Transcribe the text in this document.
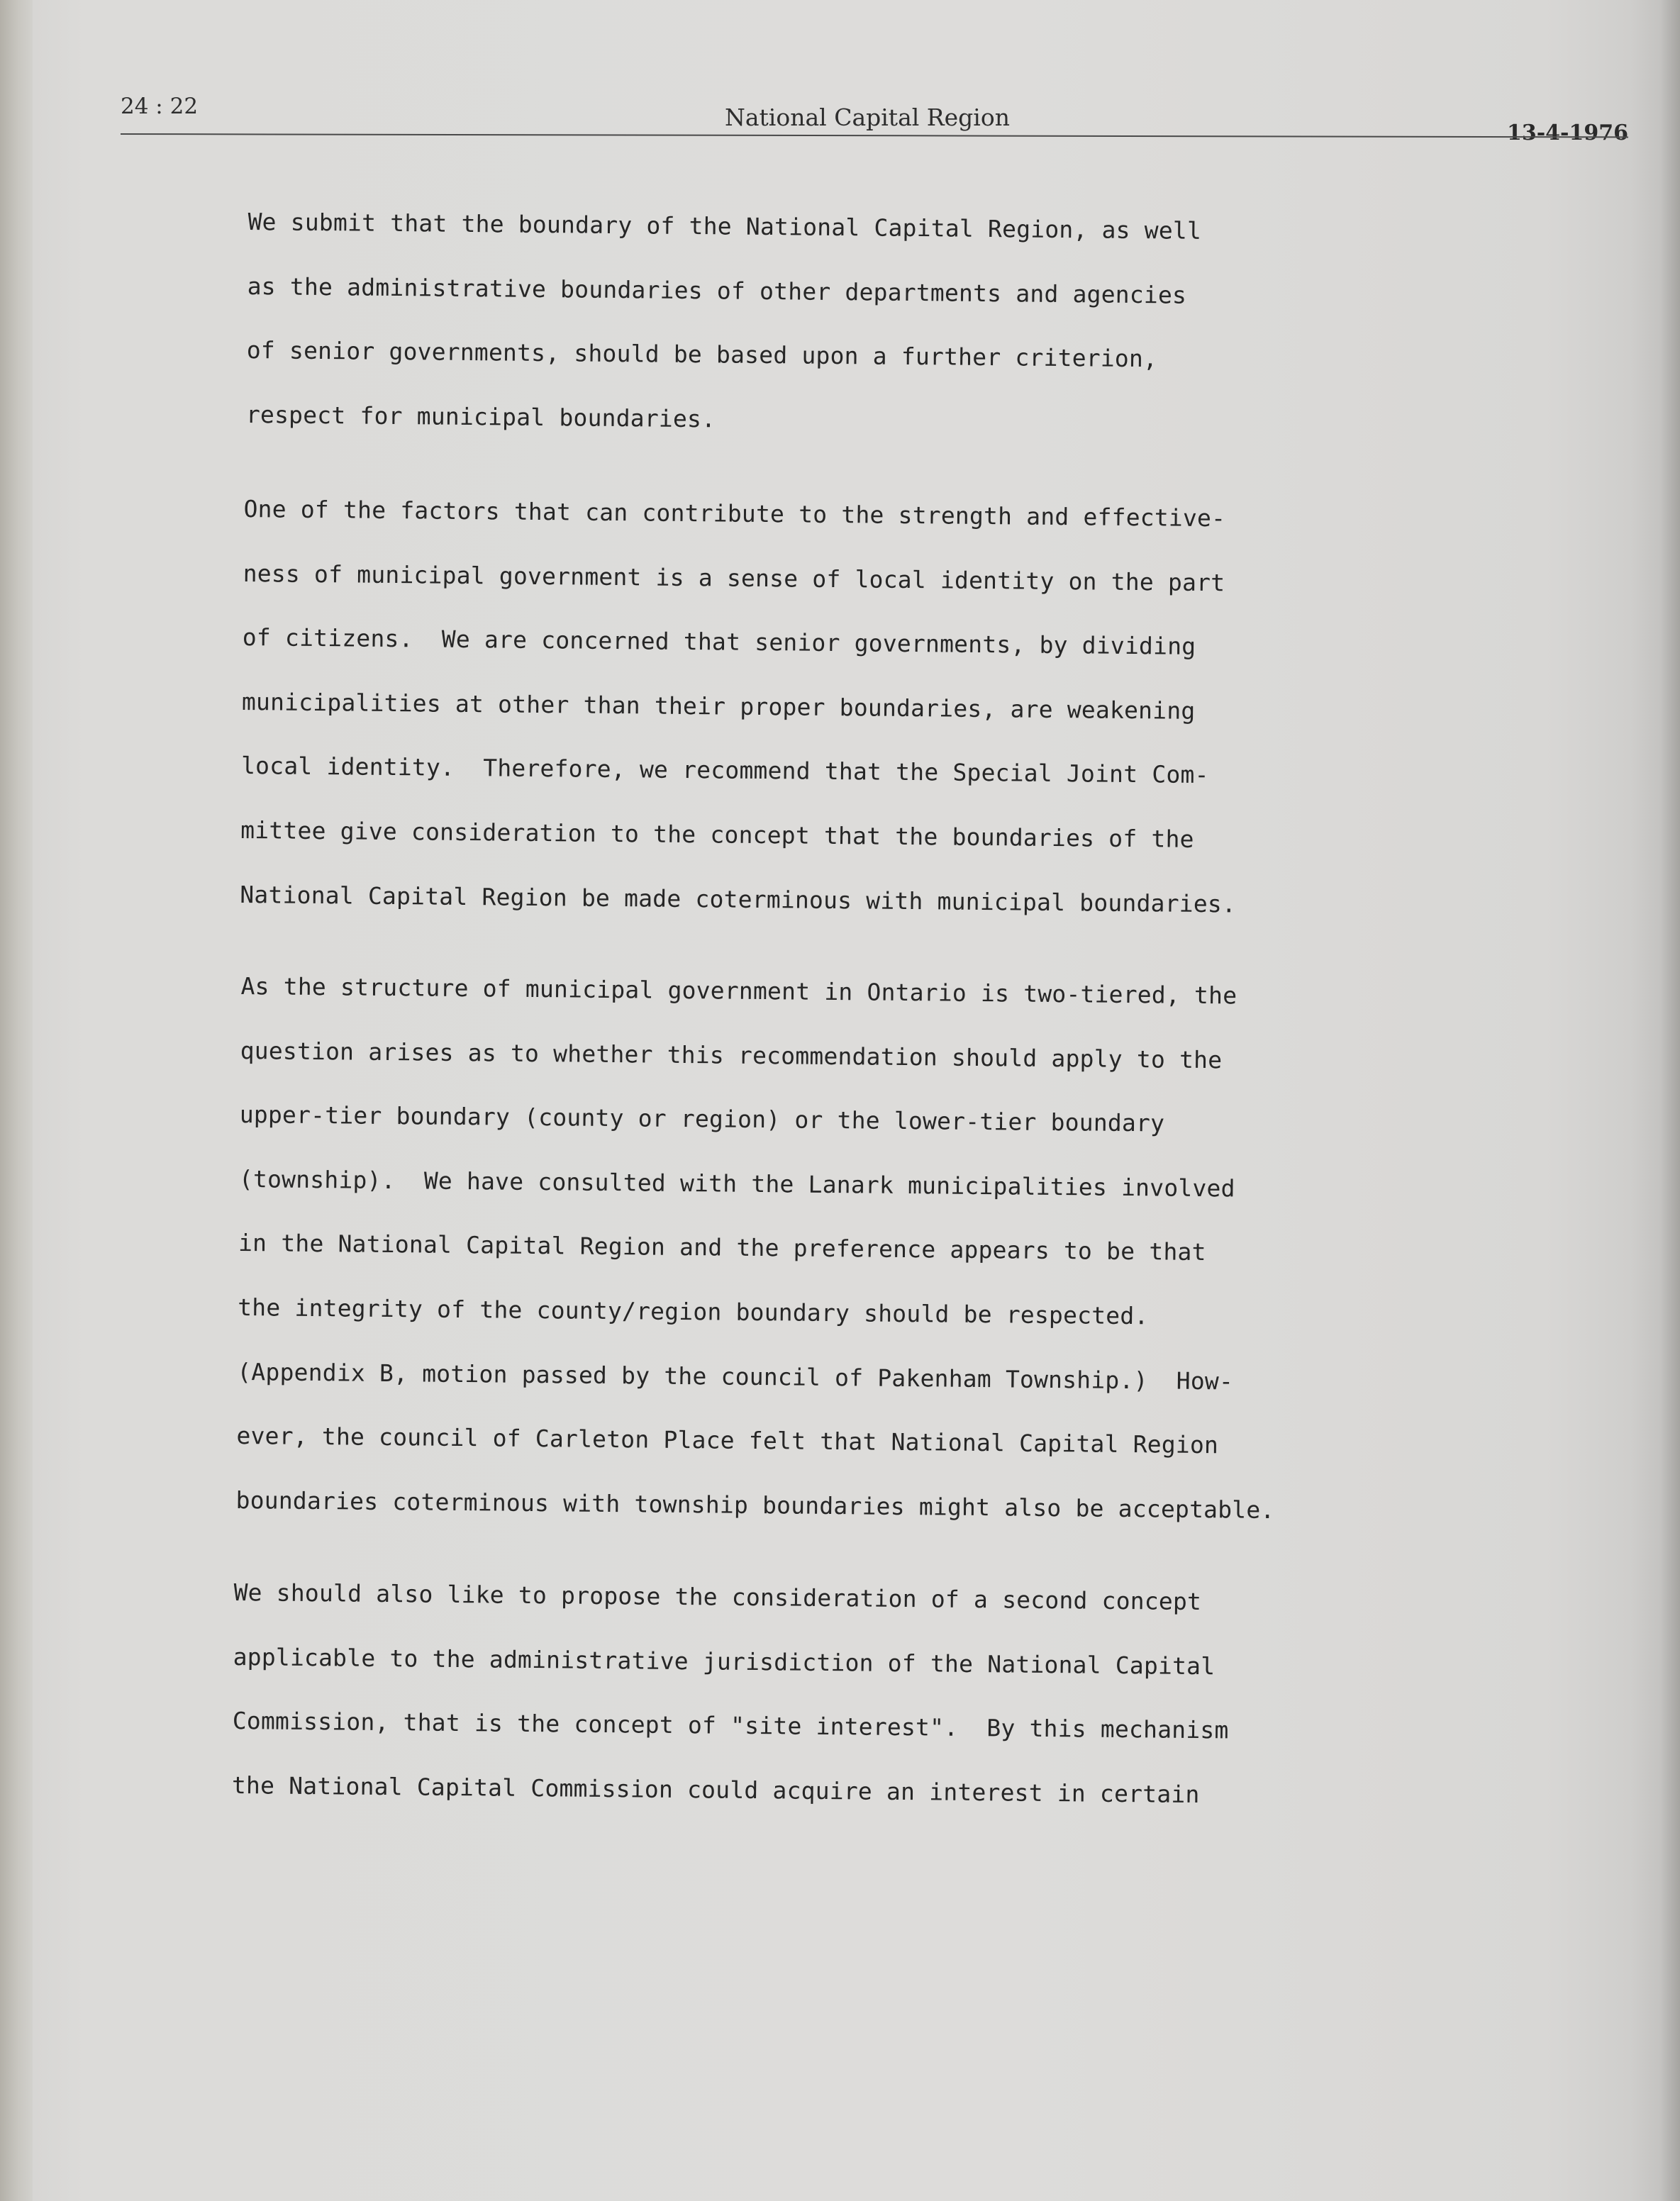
24 : 22	National Capital Region
13-4-1976
We submit that the boundary of the National Capital Region, as well
as the administrative boundaries of other departments and agencies
of senior governments, should be based upon a further criterion,
respect for municipal boundaries.
One of the factors that can contribute to the strength and effective-
ness of municipal government is a sense of local identity on the part
of citizens.  We are concerned that senior governments, by dividing
municipalities at other than their proper boundaries, are weakening
local identity.  Therefore, we recommend that the Special Joint Com-
mittee give consideration to the concept that the boundaries of the
National Capital Region be made coterminous with municipal boundaries.
As the structure of municipal government in Ontario is two-tiered, the
question arises as to whether this recommendation should apply to the
upper-tier boundary (county or region) or the lower-tier boundary
(township).  We have consulted with the Lanark municipalities involved
in the National Capital Region and the preference appears to be that
the integrity of the county/region boundary should be respected.
(Appendix B, motion passed by the council of Pakenham Township.)  How-
ever, the council of Carleton Place felt that National Capital Region
boundaries coterminous with township boundaries might also be acceptable.
We should also like to propose the consideration of a second concept
applicable to the administrative jurisdiction of the National Capital
Commission, that is the concept of "site interest".  By this mechanism
the National Capital Commission could acquire an interest in certain
